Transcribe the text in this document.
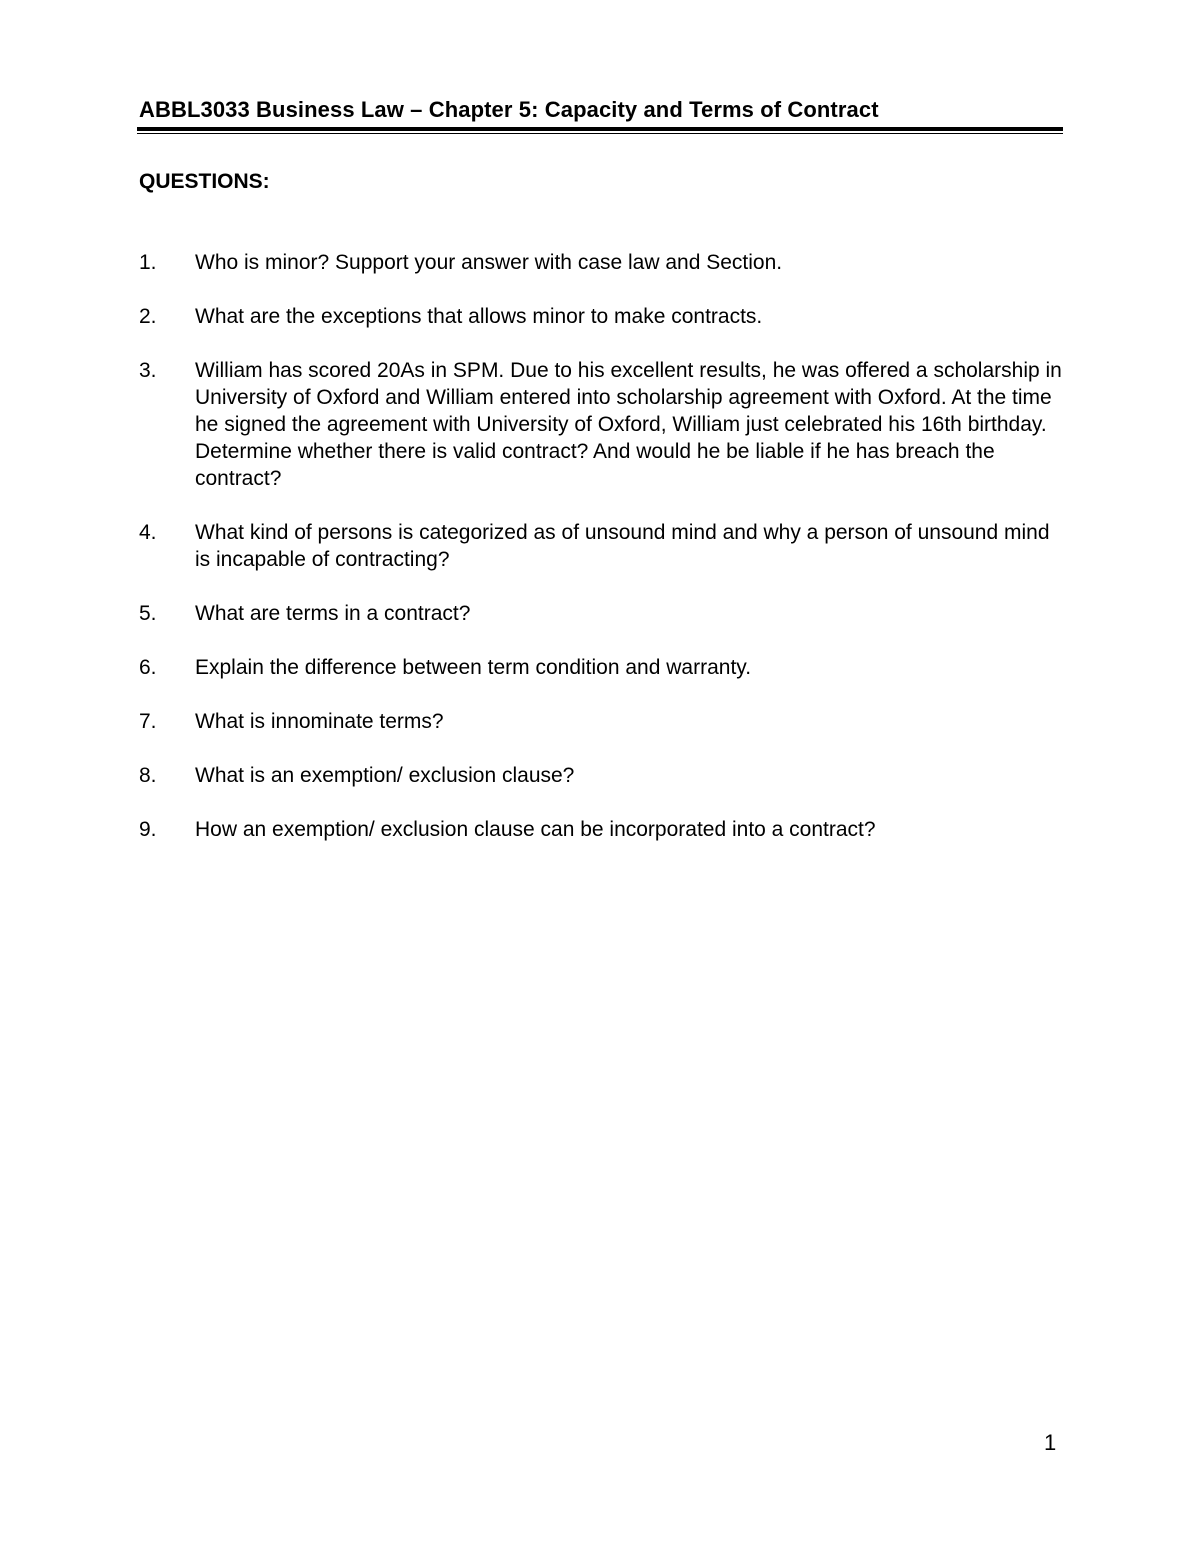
ABBL3033 Business Law – Chapter 5: Capacity and Terms of Contract
QUESTIONS:
1.	Who is minor? Support your answer with case law and Section.
2.	What are the exceptions that allows minor to make contracts.
3.	William has scored 20As in SPM. Due to his excellent results, he was offered a scholarship in University of Oxford and William entered into scholarship agreement with Oxford. At the time he signed the agreement with University of Oxford, William just celebrated his 16th birthday. Determine whether there is valid contract? And would he be liable if he has breach the contract?
4.	What kind of persons is categorized as of unsound mind and why a person of unsound mind is incapable of contracting?
5.	What are terms in a contract?
6.	Explain the difference between term condition and warranty.
7.	What is innominate terms?
8.	What is an exemption/ exclusion clause?
9.	How an exemption/ exclusion clause can be incorporated into a contract?
1
